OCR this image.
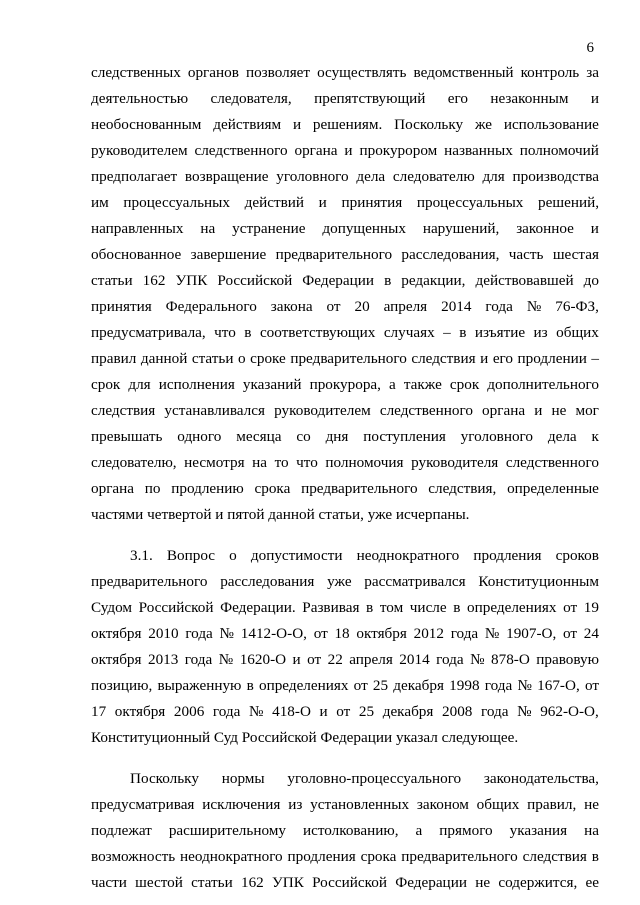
6
следственных органов позволяет осуществлять ведомственный контроль за
деятельностью следователя, препятствующий его незаконным и
необоснованным действиям и решениям. Поскольку же использование
руководителем следственного органа и прокурором названных полномочий
предполагает возвращение уголовного дела следователю для производства
им процессуальных действий и принятия процессуальных решений,
направленных на устранение допущенных нарушений, законное и
обоснованное завершение предварительного расследования, часть шестая
статьи 162 УПК Российской Федерации в редакции, действовавшей до
принятия Федерального закона от 20 апреля 2014 года № 76-ФЗ,
предусматривала, что в соответствующих случаях – в изъятие из общих
правил данной статьи о сроке предварительного следствия и его продлении –
срок для исполнения указаний прокурора, а также срок дополнительного
следствия устанавливался руководителем следственного органа и не мог
превышать одного месяца со дня поступления уголовного дела к
следователю, несмотря на то что полномочия руководителя следственного
органа по продлению срока предварительного следствия, определенные
частями четвертой и пятой данной статьи, уже исчерпаны.
3.1. Вопрос о допустимости неоднократного продления сроков
предварительного расследования уже рассматривался Конституционным
Судом Российской Федерации. Развивая в том числе в определениях от 19
октября 2010 года № 1412-О-О, от 18 октября 2012 года № 1907-О, от 24
октября 2013 года № 1620-О и от 22 апреля 2014 года № 878-О правовую
позицию, выраженную в определениях от 25 декабря 1998 года № 167-О, от
17 октября 2006 года № 418-О и от 25 декабря 2008 года № 962-О-О,
Конституционный Суд Российской Федерации указал следующее.
Поскольку нормы уголовно-процессуального законодательства,
предусматривая исключения из установленных законом общих правил, не
подлежат расширительному истолкованию, а прямого указания на
возможность неоднократного продления срока предварительного следствия в
части шестой статьи 162 УПК Российской Федерации не содержится, ее
